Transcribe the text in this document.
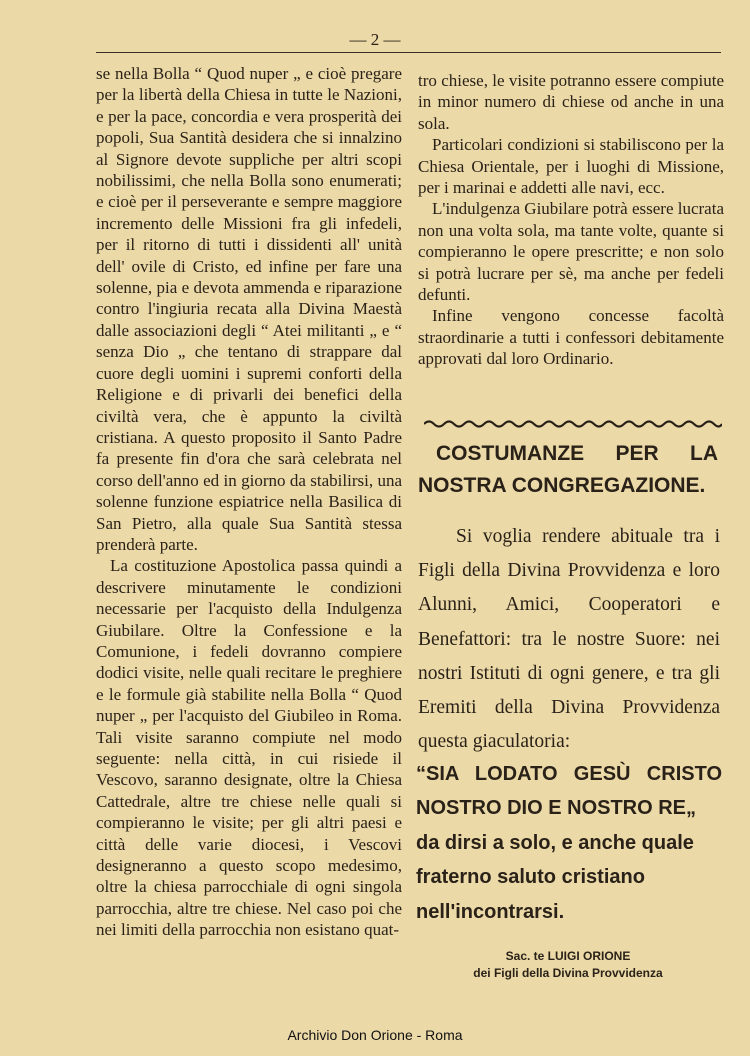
— 2 —

se nella Bolla “ Quod nuper „ e cioè pregare per la libertà della Chiesa in tutte le Nazioni, e per la pace, concordia e vera prosperità dei popoli, Sua Santità desidera che si innalzino al Signore devote suppliche per altri scopi nobilissimi, che nella Bolla sono enumerati; e cioè per il perseverante e sempre maggiore incremento delle Missioni fra gli infedeli, per il ritorno di tutti i dissidenti all' unità dell' ovile di Cristo, ed infine per fare una solenne, pia e devota ammenda e riparazione contro l'ingiuria recata alla Divina Maestà dalle associazioni degli “ Atei militanti „ e “ senza Dio „ che tentano di strappare dal cuore degli uomini i supremi conforti della Religione e di privarli dei benefici della civiltà vera, che è appunto la civiltà cristiana. A questo proposito il Santo Padre fa presente fin d'ora che sarà celebrata nel corso dell'anno ed in giorno da stabilirsi, una solenne funzione espiatrice nella Basilica di San Pietro, alla quale Sua Santità stessa prenderà parte.

La costituzione Apostolica passa quindi a descrivere minutamente le condizioni necessarie per l'acquisto della Indulgenza Giubilare. Oltre la Confessione e la Comunione, i fedeli dovranno compiere dodici visite, nelle quali recitare le preghiere e le formule già stabilite nella Bolla “ Quod nuper „ per l'acquisto del Giubileo in Roma. Tali visite saranno compiute nel modo seguente: nella città, in cui risiede il Vescovo, saranno designate, oltre la Chiesa Cattedrale, altre tre chiese nelle quali si compieranno le visite; per gli altri paesi e città delle varie diocesi, i Vescovi designeranno a questo scopo medesimo, oltre la chiesa parrocchiale di ogni singola parrocchia, altre tre chiese. Nel caso poi che nei limiti della parrocchia non esistano quat-

tro chiese, le visite potranno essere compiute in minor numero di chiese od anche in una sola.

Particolari condizioni si stabiliscono per la Chiesa Orientale, per i luoghi di Missione, per i marinai e addetti alle navi, ecc.

L'indulgenza Giubilare potrà essere lucrata non una volta sola, ma tante volte, quante si compieranno le opere prescritte; e non solo si potrà lucrare per sè, ma anche per fedeli defunti.

Infine vengono concesse facoltà straordinarie a tutti i confessori debitamente approvati dal loro Ordinario.

COSTUMANZE PER LA NOSTRA CONGREGAZIONE.
Si voglia rendere abituale tra i Figli della Divina Provvidenza e loro Alunni, Amici, Cooperatori e Benefattori: tra le nostre Suore: nei nostri Istituti di ogni genere, e tra gli Eremiti della Divina Provvidenza questa giaculatoria:
“SIA LODATO GESÙ CRISTO NOSTRO DIO E NOSTRO RE„
da dirsi a solo, e anche quale fraterno saluto cristiano nell'incontrarsi.
Sac. te LUIGI ORIONE
dei Figli della Divina Provvidenza
Archivio Don Orione - Roma
